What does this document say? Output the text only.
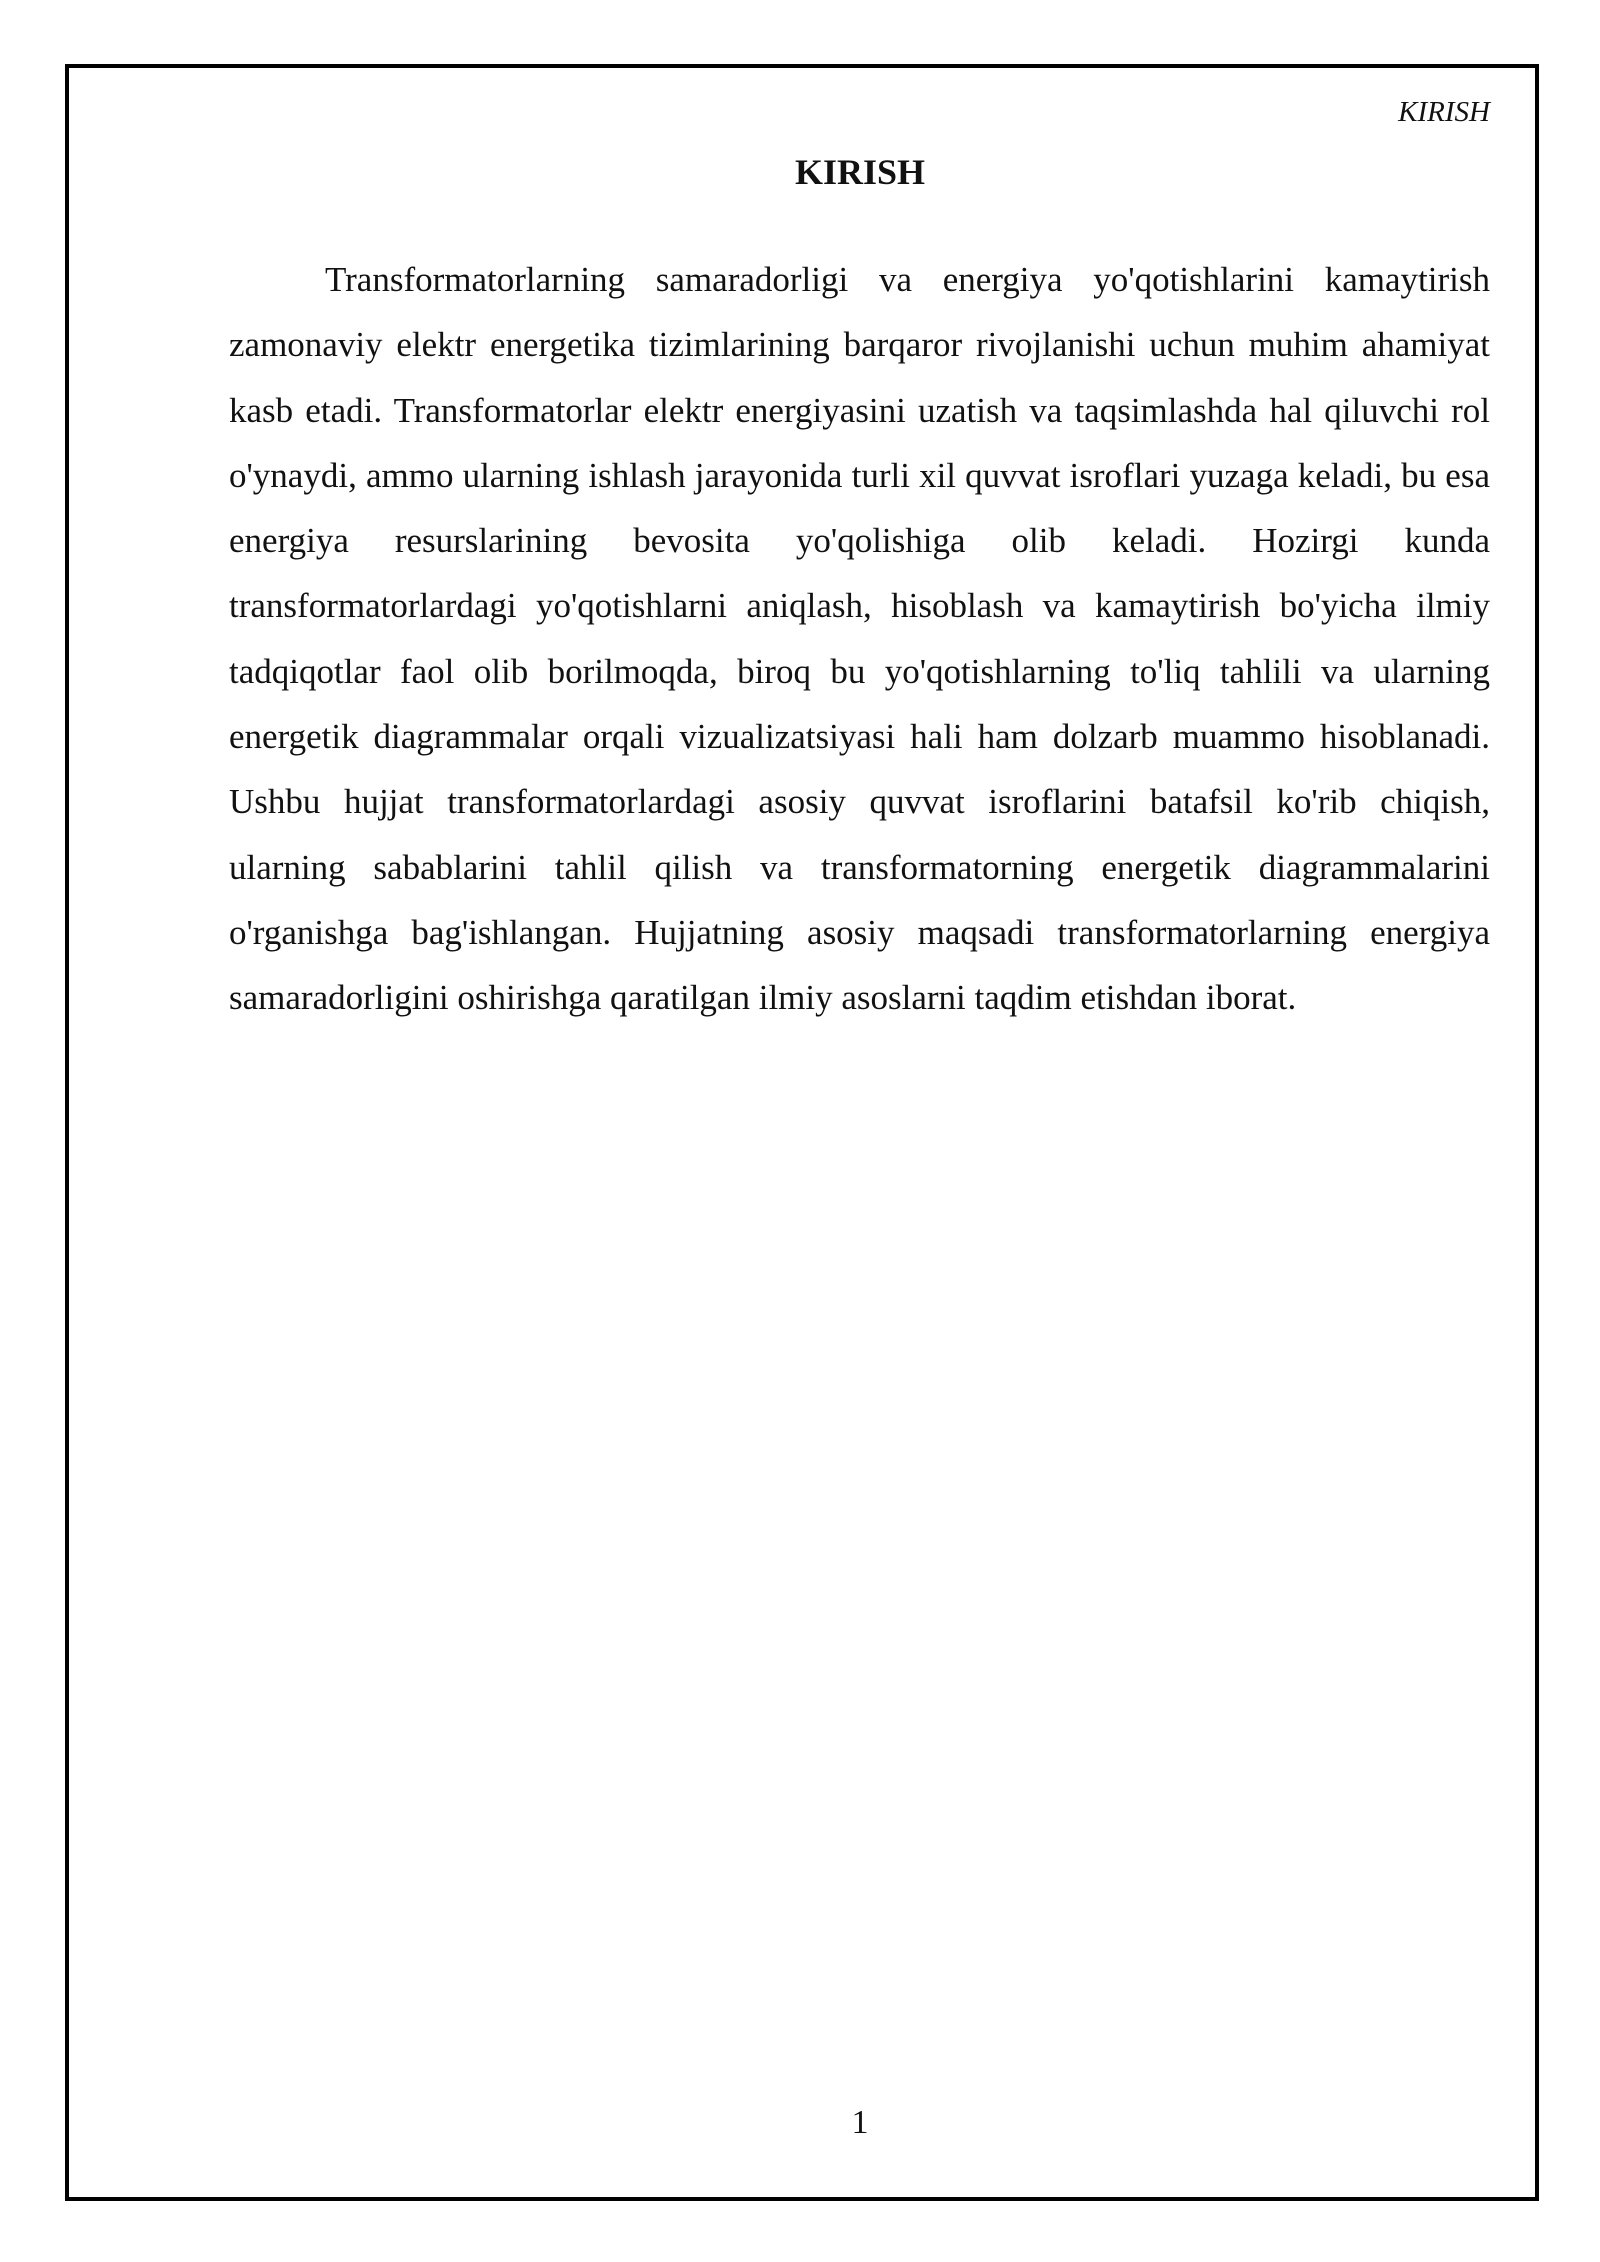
KIRISH
KIRISH

Transformatorlarning samaradorligi va energiya yo'qotishlarini kamaytirish zamonaviy elektr energetika tizimlarining barqaror rivojlanishi uchun muhim ahamiyat kasb etadi. Transformatorlar elektr energiyasini uzatish va taqsimlashda hal qiluvchi rol o'ynaydi, ammo ularning ishlash jarayonida turli xil quvvat isroflari yuzaga keladi, bu esa energiya resurslarining bevosita yo'qolishiga olib keladi. Hozirgi kunda transformatorlardagi yo'qotishlarni aniqlash, hisoblash va kamaytirish bo'yicha ilmiy tadqiqotlar faol olib borilmoqda, biroq bu yo'qotishlarning to'liq tahlili va ularning energetik diagrammalar orqali vizualizatsiyasi hali ham dolzarb muammo hisoblanadi. Ushbu hujjat transformatorlardagi asosiy quvvat isroflarini batafsil ko'rib chiqish, ularning sabablarini tahlil qilish va transformatorning energetik diagrammalarini o'rganishga bag'ishlangan. Hujjatning asosiy maqsadi transformatorlarning energiya samaradorligini oshirishga qaratilgan ilmiy asoslarni taqdim etishdan iborat.

1
